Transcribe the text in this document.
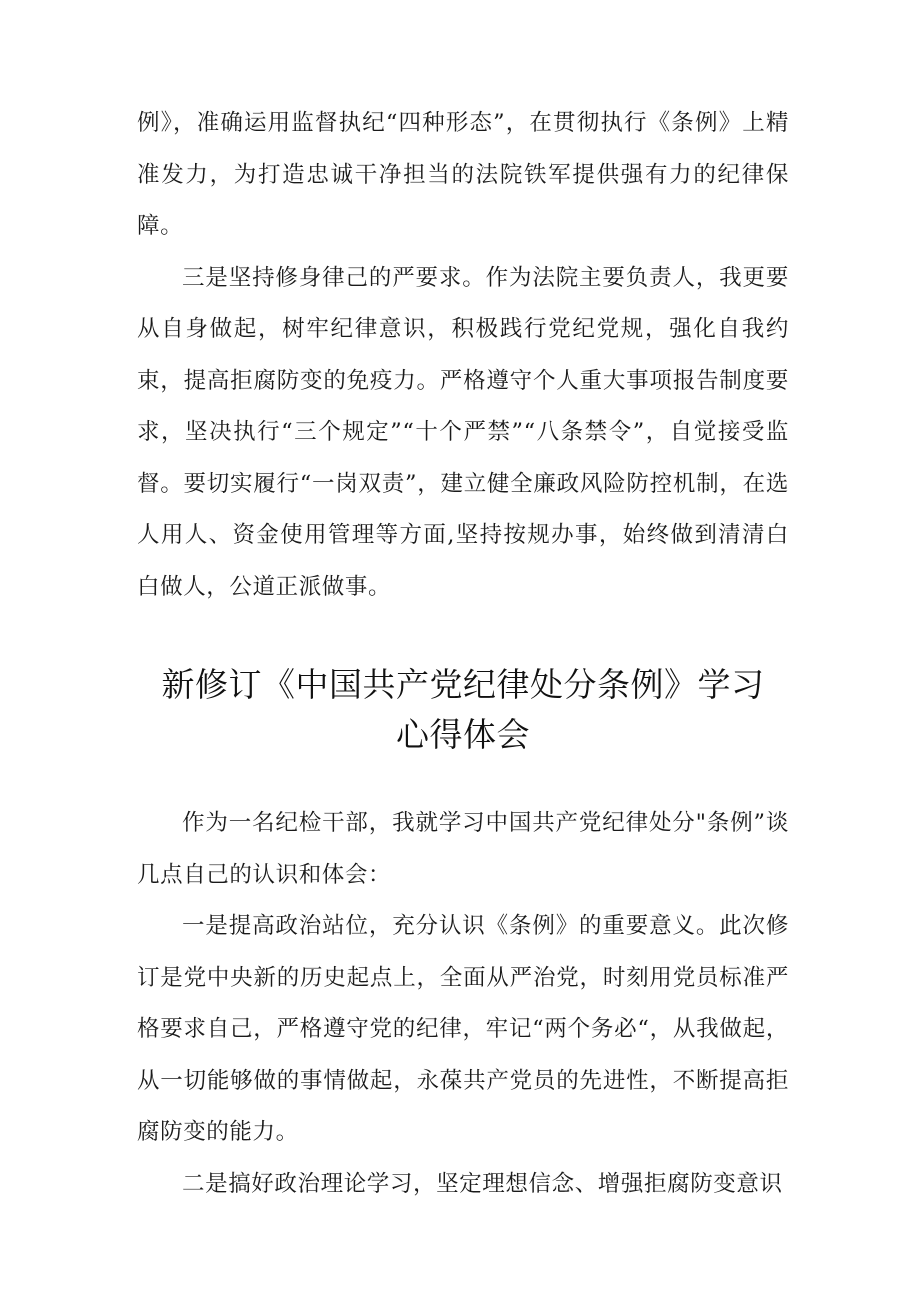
例》，准确运用监督执纪“四种形态”，在贯彻执行《条例》上精准发力，为打造忠诚干净担当的法院铁军提供强有力的纪律保障。

三是坚持修身律己的严要求。作为法院主要负责人，我更要从自身做起，树牢纪律意识，积极践行党纪党规，强化自我约束，提高拒腐防变的免疫力。严格遵守个人重大事项报告制度要求，坚决执行“三个规定”“十个严禁”“八条禁令”，自觉接受监督。要切实履行“一岗双责”，建立健全廉政风险防控机制，在选人用人、资金使用管理等方面,坚持按规办事，始终做到清清白白做人，公道正派做事。

新修订《中国共产党纪律处分条例》学习
心得体会

作为一名纪检干部，我就学习中国共产党纪律处分"条例”谈几点自己的认识和体会：

一是提高政治站位，充分认识《条例》的重要意义。此次修订是党中央新的历史起点上，全面从严治党，时刻用党员标准严格要求自己，严格遵守党的纪律，牢记“两个务必“，从我做起，从一切能够做的事情做起，永葆共产党员的先进性，不断提高拒腐防变的能力。

二是搞好政治理论学习，坚定理想信念、增强拒腐防变意识
